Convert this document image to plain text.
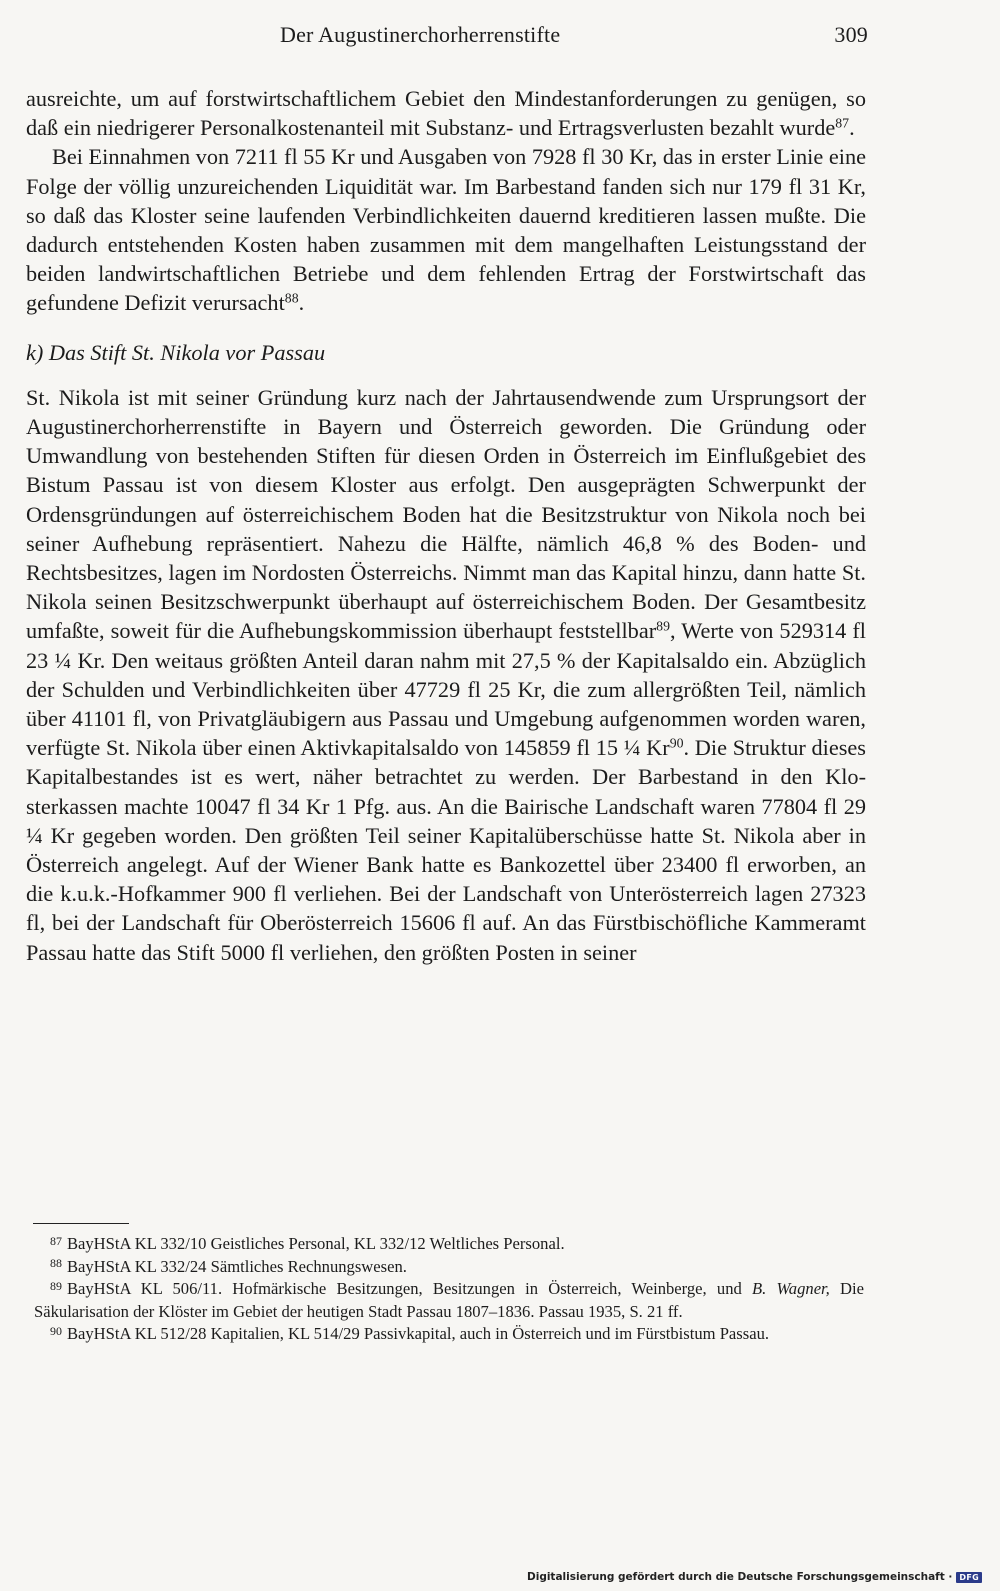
Der Augustinerchorherrenstifte	309

ausreichte, um auf forstwirtschaftlichem Gebiet den Mindestanforderungen zu genügen, so daß ein niedrigerer Personalkostenanteil mit Substanz- und Ertragsverlusten bezahlt wurde$^{87}$.

Bei Einnahmen von 7211 fl 55 Kr und Ausgaben von 7928 fl 30 Kr, das in erster Linie eine Folge der völlig unzureichenden Liquidität war. Im Barbestand fanden sich nur 179 fl 31 Kr, so daß das Kloster seine laufenden Verbindlichkeiten dauernd kreditieren lassen mußte. Die dadurch entstehenden Kosten haben zusammen mit dem mangelhaften Leistungsstand der beiden landwirtschaftlichen Betriebe und dem fehlenden Ertrag der Forstwirtschaft das gefundene Defizit verursacht$^{88}$.

k) Das Stift St. Nikola vor Passau

St. Nikola ist mit seiner Gründung kurz nach der Jahrtausendwende zum Ursprungsort der Augustinerchorherrenstifte in Bayern und Österreich geworden. Die Gründung oder Umwandlung von bestehenden Stiften für diesen Orden in Österreich im Einflußgebiet des Bistum Passau ist von diesem Kloster aus erfolgt. Den ausgeprägten Schwerpunkt der Ordensgründungen auf österreichischem Boden hat die Besitzstruktur von Nikola noch bei seiner Aufhebung repräsentiert. Nahezu die Hälfte, nämlich 46,8 % des Boden- und Rechtsbesitzes, lagen im Nordosten Österreichs. Nimmt man das Kapital hinzu, dann hatte St. Nikola seinen Besitzschwerpunkt überhaupt auf österreichischem Boden. Der Gesamtbesitz umfaßte, soweit für die Aufhebungskommission überhaupt feststellbar$^{89}$, Werte von 529314 fl 23 ¼ Kr. Den weitaus größten Anteil daran nahm mit 27,5 % der Kapitalsaldo ein. Abzüglich der Schulden und Verbindlichkeiten über 47729 fl 25 Kr, die zum allergrößten Teil, nämlich über 41101 fl, von Privatgläubigern aus Passau und Umgebung aufgenommen worden waren, verfügte St. Nikola über einen Aktivkapitalsaldo von 145859 fl 15 ¼ Kr$^{90}$. Die Struktur dieses Kapitalbestandes ist es wert, näher betrachtet zu werden. Der Barbestand in den Klosterkassen machte 10047 fl 34 Kr 1 Pfg. aus. An die Bairische Landschaft waren 77804 fl 29 ¼ Kr gegeben worden. Den größten Teil seiner Kapitalüberschüsse hatte St. Nikola aber in Österreich angelegt. Auf der Wiener Bank hatte es Bankozettel über 23400 fl erworben, an die k.u.k.-Hofkammer 900 fl verliehen. Bei der Landschaft von Unterösterreich lagen 27323 fl, bei der Landschaft für Oberösterreich 15606 fl auf. An das Fürstbischöfliche Kammeramt Passau hatte das Stift 5000 fl verliehen, den größten Posten in seiner

$^{87}$ BayHStA KL 332/10 Geistliches Personal, KL 332/12 Weltliches Personal.

$^{88}$ BayHStA KL 332/24 Sämtliches Rechnungswesen.

$^{89}$ BayHStA KL 506/11. Hofmärkische Besitzungen, Besitzungen in Österreich, Weinberge, und B. Wagner, Die Säkularisation der Klöster im Gebiet der heutigen Stadt Passau 1807–1836. Passau 1935, S. 21 ff.

$^{90}$ BayHStA KL 512/28 Kapitalien, KL 514/29 Passivkapital, auch in Österreich und im Fürstbistum Passau.

Digitalisierung gefördert durch die Deutsche Forschungsgemeinschaft · DFG
